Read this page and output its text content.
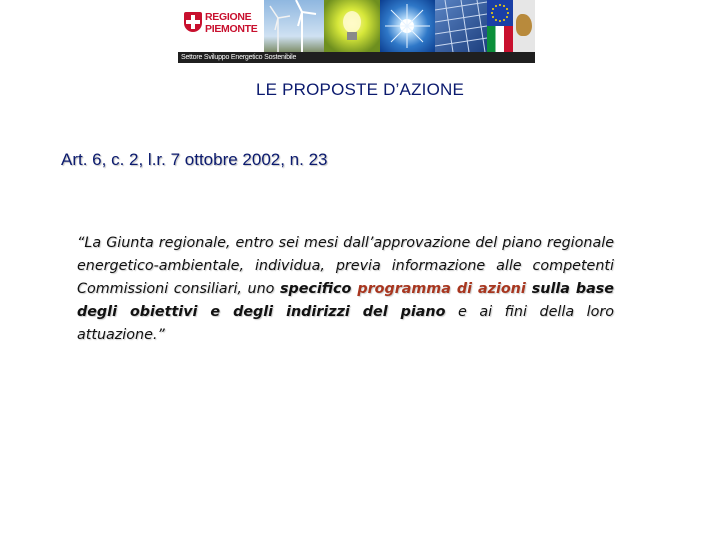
REGIONE
PIEMONTE
Settore Sviluppo Energetico Sostenibile
LE PROPOSTE D’AZIONE
Art. 6, c. 2, l.r. 7 ottobre 2002, n. 23
“La Giunta regionale, entro sei mesi dall’approvazione del piano regionale energetico-ambientale, individua, previa informazione alle competenti Commissioni consiliari, uno specifico programma di azioni sulla base degli obiettivi e degli indirizzi del piano e ai fini della loro attuazione.”
